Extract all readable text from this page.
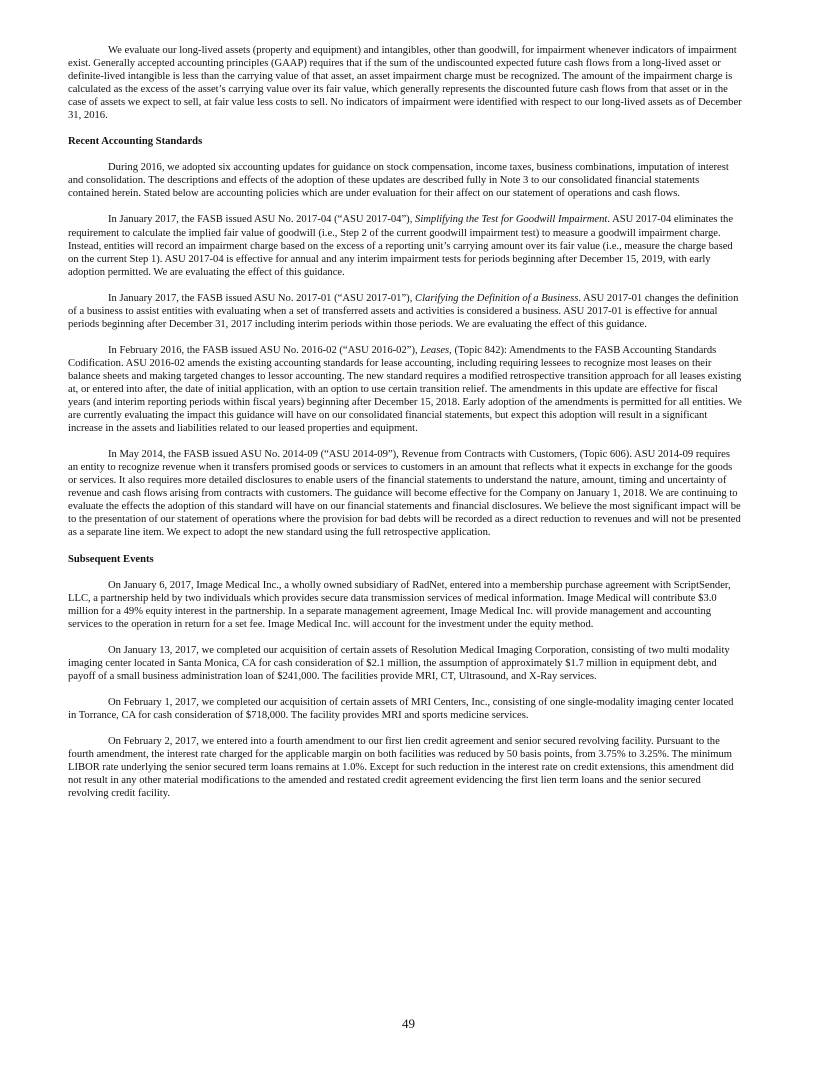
We evaluate our long-lived assets (property and equipment) and intangibles, other than goodwill, for impairment whenever indicators of impairment exist. Generally accepted accounting principles (GAAP) requires that if the sum of the undiscounted expected future cash flows from a long-lived asset or definite-lived intangible is less than the carrying value of that asset, an asset impairment charge must be recognized. The amount of the impairment charge is calculated as the excess of the asset’s carrying value over its fair value, which generally represents the discounted future cash flows from that asset or in the case of assets we expect to sell, at fair value less costs to sell. No indicators of impairment were identified with respect to our long-lived assets as of December 31, 2016.

Recent Accounting Standards

During 2016, we adopted six accounting updates for guidance on stock compensation, income taxes, business combinations, imputation of interest and consolidation. The descriptions and effects of the adoption of these updates are described fully in Note 3 to our consolidated financial statements contained herein. Stated below are accounting policies which are under evaluation for their affect on our statement of operations and cash flows.

In January 2017, the FASB issued ASU No. 2017-04 (“ASU 2017-04”), Simplifying the Test for Goodwill Impairment. ASU 2017-04 eliminates the requirement to calculate the implied fair value of goodwill (i.e., Step 2 of the current goodwill impairment test) to measure a goodwill impairment charge. Instead, entities will record an impairment charge based on the excess of a reporting unit’s carrying amount over its fair value (i.e., measure the charge based on the current Step 1). ASU 2017-04 is effective for annual and any interim impairment tests for periods beginning after December 15, 2019, with early adoption permitted. We are evaluating the effect of this guidance.

In January 2017, the FASB issued ASU No. 2017-01 (“ASU 2017-01”), Clarifying the Definition of a Business. ASU 2017-01 changes the definition of a business to assist entities with evaluating when a set of transferred assets and activities is considered a business. ASU 2017-01 is effective for annual periods beginning after December 31, 2017 including interim periods within those periods. We are evaluating the effect of this guidance.

In February 2016, the FASB issued ASU No. 2016-02 (“ASU 2016-02”), Leases, (Topic 842): Amendments to the FASB Accounting Standards Codification. ASU 2016-02 amends the existing accounting standards for lease accounting, including requiring lessees to recognize most leases on their balance sheets and making targeted changes to lessor accounting. The new standard requires a modified retrospective transition approach for all leases existing at, or entered into after, the date of initial application, with an option to use certain transition relief. The amendments in this update are effective for fiscal years (and interim reporting periods within fiscal years) beginning after December 15, 2018. Early adoption of the amendments is permitted for all entities. We are currently evaluating the impact this guidance will have on our consolidated financial statements, but expect this adoption will result in a significant increase in the assets and liabilities related to our leased properties and equipment.

In May 2014, the FASB issued ASU No. 2014-09 (“ASU 2014-09”), Revenue from Contracts with Customers, (Topic 606). ASU 2014-09 requires an entity to recognize revenue when it transfers promised goods or services to customers in an amount that reflects what it expects in exchange for the goods or services. It also requires more detailed disclosures to enable users of the financial statements to understand the nature, amount, timing and uncertainty of revenue and cash flows arising from contracts with customers. The guidance will become effective for the Company on January 1, 2018. We are continuing to evaluate the effects the adoption of this standard will have on our financial statements and financial disclosures. We believe the most significant impact will be to the presentation of our statement of operations where the provision for bad debts will be recorded as a direct reduction to revenues and will not be presented as a separate line item. We expect to adopt the new standard using the full retrospective application.

Subsequent Events

On January 6, 2017, Image Medical Inc., a wholly owned subsidiary of RadNet, entered into a membership purchase agreement with ScriptSender, LLC, a partnership held by two individuals which provides secure data transmission services of medical information. Image Medical will contribute $3.0 million for a 49% equity interest in the partnership. In a separate management agreement, Image Medical Inc. will provide management and accounting services to the operation in return for a set fee. Image Medical Inc. will account for the investment under the equity method.

On January 13, 2017, we completed our acquisition of certain assets of Resolution Medical Imaging Corporation, consisting of two multi modality imaging center located in Santa Monica, CA for cash consideration of $2.1 million, the assumption of approximately $1.7 million in equipment debt, and payoff of a small business administration loan of $241,000. The facilities provide MRI, CT, Ultrasound, and X-Ray services.

On February 1, 2017, we completed our acquisition of certain assets of MRI Centers, Inc., consisting of one single-modality imaging center located in Torrance, CA for cash consideration of $718,000. The facility provides MRI and sports medicine services.

On February 2, 2017, we entered into a fourth amendment to our first lien credit agreement and senior secured revolving facility. Pursuant to the fourth amendment, the interest rate charged for the applicable margin on both facilities was reduced by 50 basis points, from 3.75% to 3.25%. The minimum LIBOR rate underlying the senior secured term loans remains at 1.0%. Except for such reduction in the interest rate on credit extensions, this amendment did not result in any other material modifications to the amended and restated credit agreement evidencing the first lien term loans and the senior secured revolving credit facility.

49
